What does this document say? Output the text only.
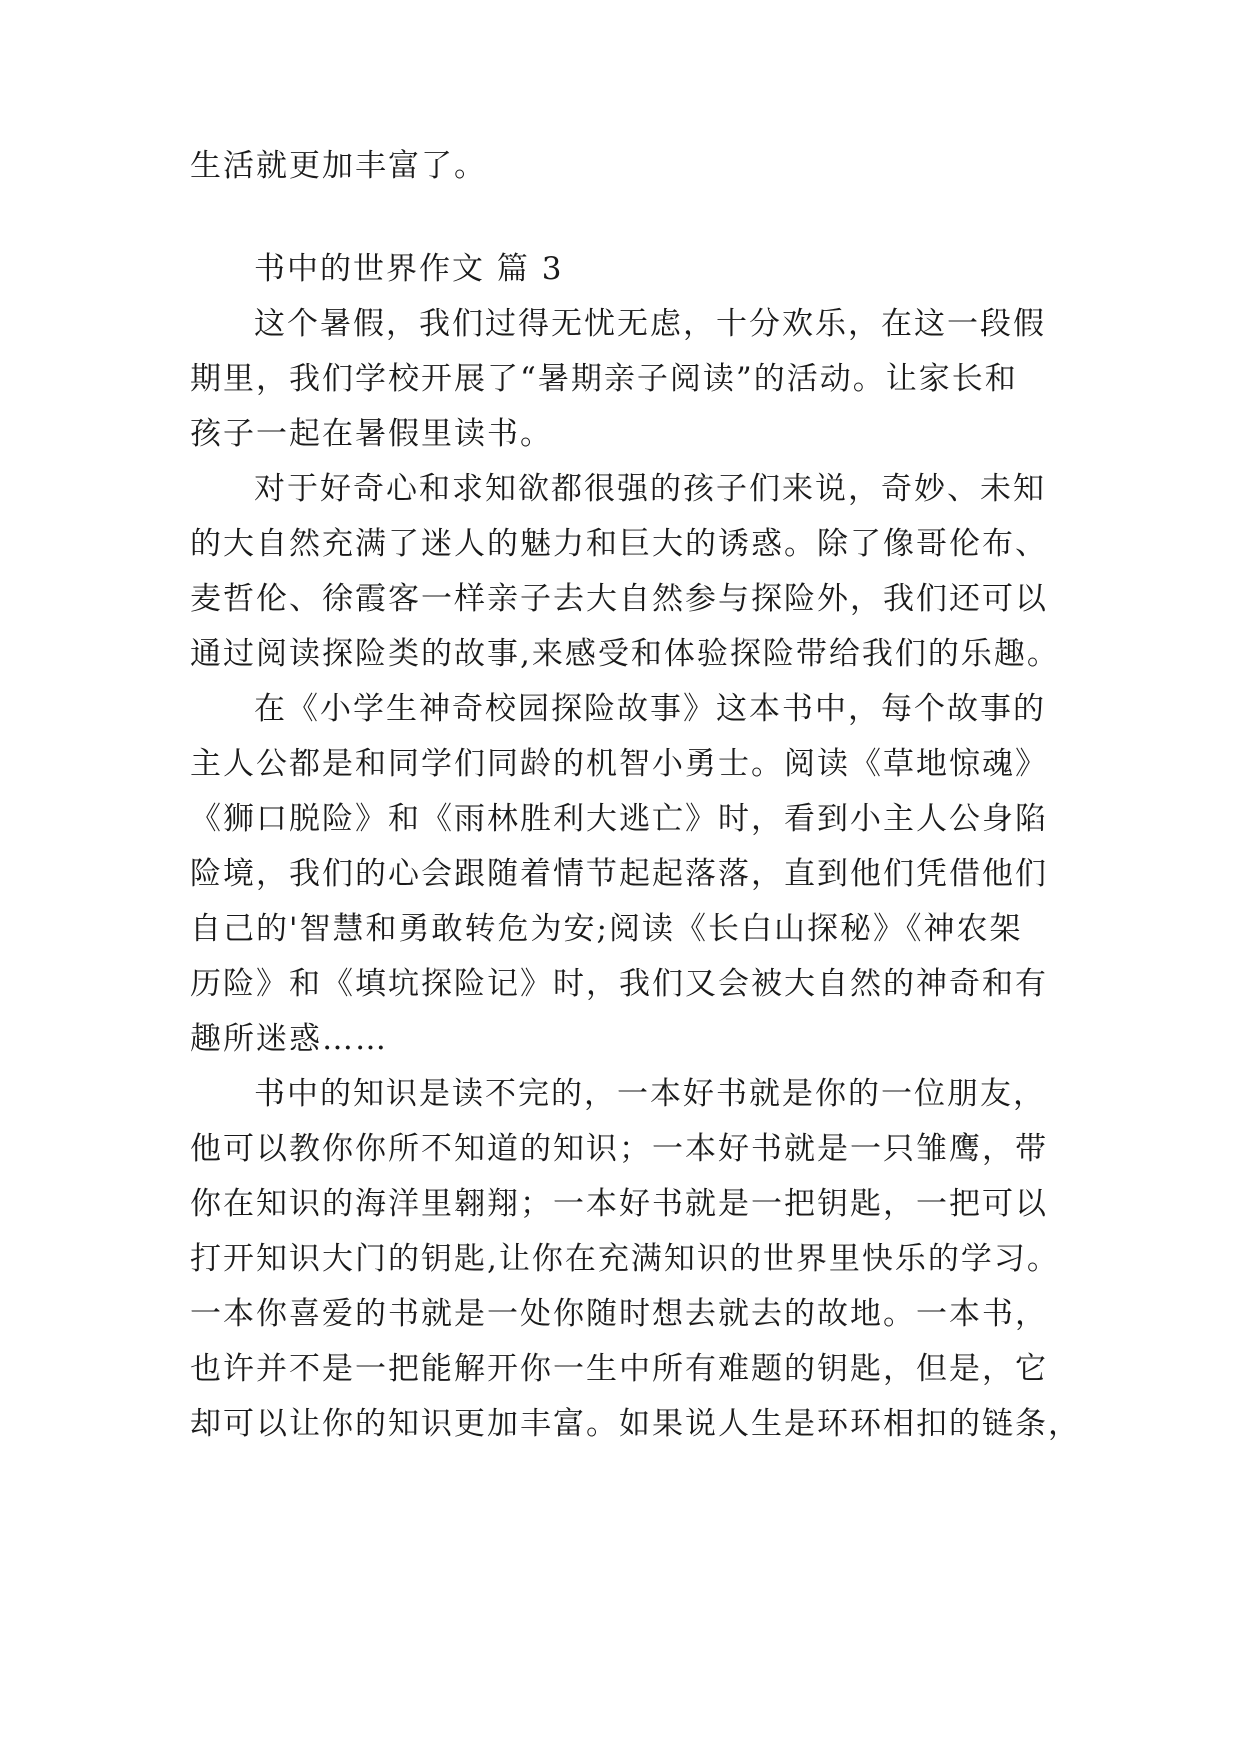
生活就更加丰富了。
书中的世界作文 篇 3
这个暑假，我们过得无忧无虑，十分欢乐，在这一段假
期里，我们学校开展了“暑期亲子阅读”的活动。让家长和
孩子一起在暑假里读书。
对于好奇心和求知欲都很强的孩子们来说，奇妙、未知
的大自然充满了迷人的魅力和巨大的诱惑。除了像哥伦布、
麦哲伦、徐霞客一样亲子去大自然参与探险外，我们还可以
通过阅读探险类的故事,来感受和体验探险带给我们的乐趣。
在《小学生神奇校园探险故事》这本书中，每个故事的
主人公都是和同学们同龄的机智小勇士。阅读《草地惊魂》
《狮口脱险》和《雨林胜利大逃亡》时，看到小主人公身陷
险境，我们的心会跟随着情节起起落落，直到他们凭借他们
自己的'智慧和勇敢转危为安;阅读《长白山探秘》《神农架
历险》和《填坑探险记》时，我们又会被大自然的神奇和有
趣所迷惑……
书中的知识是读不完的，一本好书就是你的一位朋友，
他可以教你你所不知道的知识；一本好书就是一只雏鹰，带
你在知识的海洋里翱翔；一本好书就是一把钥匙，一把可以
打开知识大门的钥匙,让你在充满知识的世界里快乐的学习。
一本你喜爱的书就是一处你随时想去就去的故地。一本书，
也许并不是一把能解开你一生中所有难题的钥匙，但是，它
却可以让你的知识更加丰富。如果说人生是环环相扣的链条，
